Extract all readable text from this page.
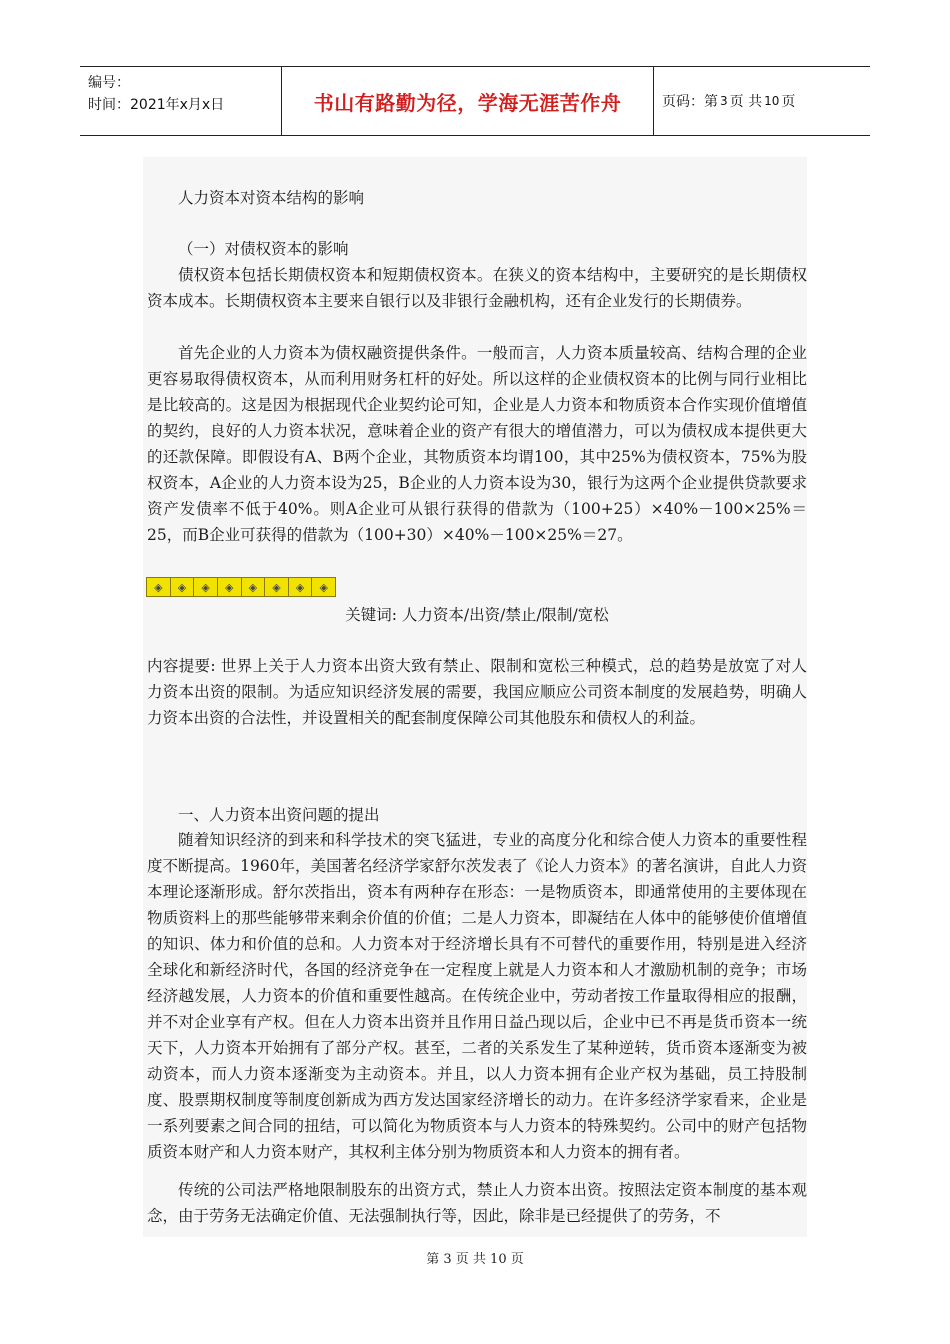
编号：
时间：2021年x月x日	书山有路勤为径，学海无涯苦作舟	页码：第 3 页 共 10 页

人力资本对资本结构的影响

（一）对债权资本的影响

债权资本包括长期债权资本和短期债权资本。在狭义的资本结构中，主要研究的是长期债权资本成本。长期债权资本主要来自银行以及非银行金融机构，还有企业发行的长期债券。

首先企业的人力资本为债权融资提供条件。一般而言，人力资本质量较高、结构合理的企业更容易取得债权资本，从而利用财务杠杆的好处。所以这样的企业债权资本的比例与同行业相比是比较高的。这是因为根据现代企业契约论可知，企业是人力资本和物质资本合作实现价值增值的契约，良好的人力资本状况，意味着企业的资产有很大的增值潜力，可以为债权成本提供更大的还款保障。即假设有A、B两个企业，其物质资本均谓100，其中25%为债权资本，75%为股权资本，A企业的人力资本设为25，B企业的人力资本设为30，银行为这两个企业提供贷款要求资产发债率不低于40%。则A企业可从银行获得的借款为（100+25）×40%－100×25%＝25，而B企业可获得的借款为（100+30）×40%－100×25%＝27。

◈	◈	◈	◈	◈	◈	◈	◈

关键词: 人力资本/出资/禁止/限制/宽松

内容提要: 世界上关于人力资本出资大致有禁止、限制和宽松三种模式，总的趋势是放宽了对人力资本出资的限制。为适应知识经济发展的需要，我国应顺应公司资本制度的发展趋势，明确人力资本出资的合法性，并设置相关的配套制度保障公司其他股东和债权人的利益。

一、人力资本出资问题的提出

随着知识经济的到来和科学技术的突飞猛进，专业的高度分化和综合使人力资本的重要性程度不断提高。1960年，美国著名经济学家舒尔茨发表了《论人力资本》的著名演讲，自此人力资本理论逐渐形成。舒尔茨指出，资本有两种存在形态：一是物质资本，即通常使用的主要体现在物质资料上的那些能够带来剩余价值的价值；二是人力资本，即凝结在人体中的能够使价值增值的知识、体力和价值的总和。人力资本对于经济增长具有不可替代的重要作用，特别是进入经济全球化和新经济时代，各国的经济竞争在一定程度上就是人力资本和人才激励机制的竞争；市场经济越发展，人力资本的价值和重要性越高。在传统企业中，劳动者按工作量取得相应的报酬，并不对企业享有产权。但在人力资本出资并且作用日益凸现以后，企业中已不再是货币资本一统天下，人力资本开始拥有了部分产权。甚至，二者的关系发生了某种逆转，货币资本逐渐变为被动资本，而人力资本逐渐变为主动资本。并且，以人力资本拥有企业产权为基础，员工持股制度、股票期权制度等制度创新成为西方发达国家经济增长的动力。在许多经济学家看来，企业是一系列要素之间合同的扭结，可以简化为物质资本与人力资本的特殊契约。公司中的财产包括物质资本财产和人力资本财产，其权利主体分别为物质资本和人力资本的拥有者。

传统的公司法严格地限制股东的出资方式，禁止人力资本出资。按照法定资本制度的基本观念，由于劳务无法确定价值、无法强制执行等，因此，除非是已经提供了的劳务，不

第 3 页 共 10 页
